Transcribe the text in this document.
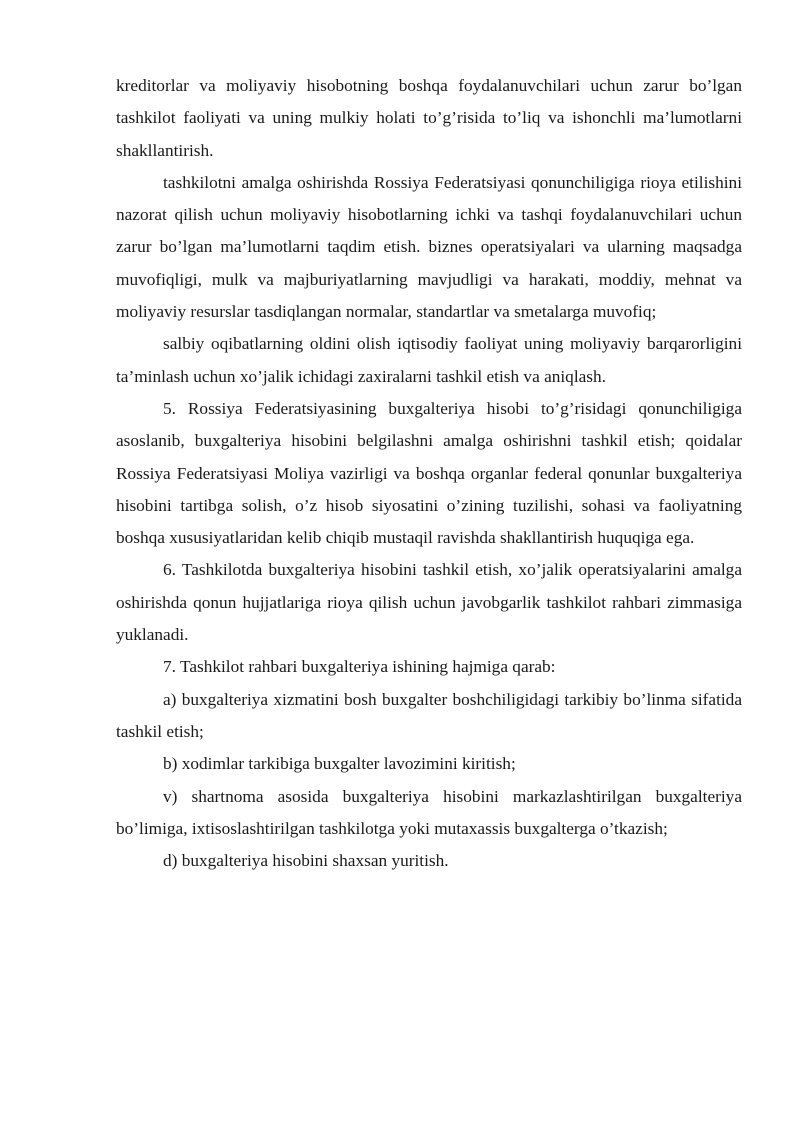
kreditorlar va moliyaviy hisobotning boshqa foydalanuvchilari uchun zarur bo’lgan tashkilot faoliyati va uning mulkiy holati to’g’risida to’liq va ishonchli ma’lumotlarni shakllantirish.

tashkilotni amalga oshirishda Rossiya Federatsiyasi qonunchiligiga rioya etilishini nazorat qilish uchun moliyaviy hisobotlarning ichki va tashqi foydalanuvchilari uchun zarur bo’lgan ma’lumotlarni taqdim etish. biznes operatsiyalari va ularning maqsadga muvofiqligi, mulk va majburiyatlarning mavjudligi va harakati, moddiy, mehnat va moliyaviy resurslar tasdiqlangan normalar, standartlar va smetalarga muvofiq;

salbiy oqibatlarning oldini olish iqtisodiy faoliyat uning moliyaviy barqarorligini ta’minlash uchun xo’jalik ichidagi zaxiralarni tashkil etish va aniqlash.

5. Rossiya Federatsiyasining buxgalteriya hisobi to’g’risidagi qonunchiligiga asoslanib, buxgalteriya hisobini belgilashni amalga oshirishni tashkil etish; qoidalar Rossiya Federatsiyasi Moliya vazirligi va boshqa organlar federal qonunlar buxgalteriya hisobini tartibga solish, o’z hisob siyosatini o’zining tuzilishi, sohasi va faoliyatning boshqa xususiyatlaridan kelib chiqib mustaqil ravishda shakllantirish huquqiga ega.

6. Tashkilotda buxgalteriya hisobini tashkil etish, xo’jalik operatsiyalarini amalga oshirishda qonun hujjatlariga rioya qilish uchun javobgarlik tashkilot rahbari zimmasiga yuklanadi.

7. Tashkilot rahbari buxgalteriya ishining hajmiga qarab:

a) buxgalteriya xizmatini bosh buxgalter boshchiligidagi tarkibiy bo’linma sifatida tashkil etish;

b) xodimlar tarkibiga buxgalter lavozimini kiritish;

v) shartnoma asosida buxgalteriya hisobini markazlashtirilgan buxgalteriya bo’limiga, ixtisoslashtirilgan tashkilotga yoki mutaxassis buxgalterga o’tkazish;

d) buxgalteriya hisobini shaxsan yuritish.
